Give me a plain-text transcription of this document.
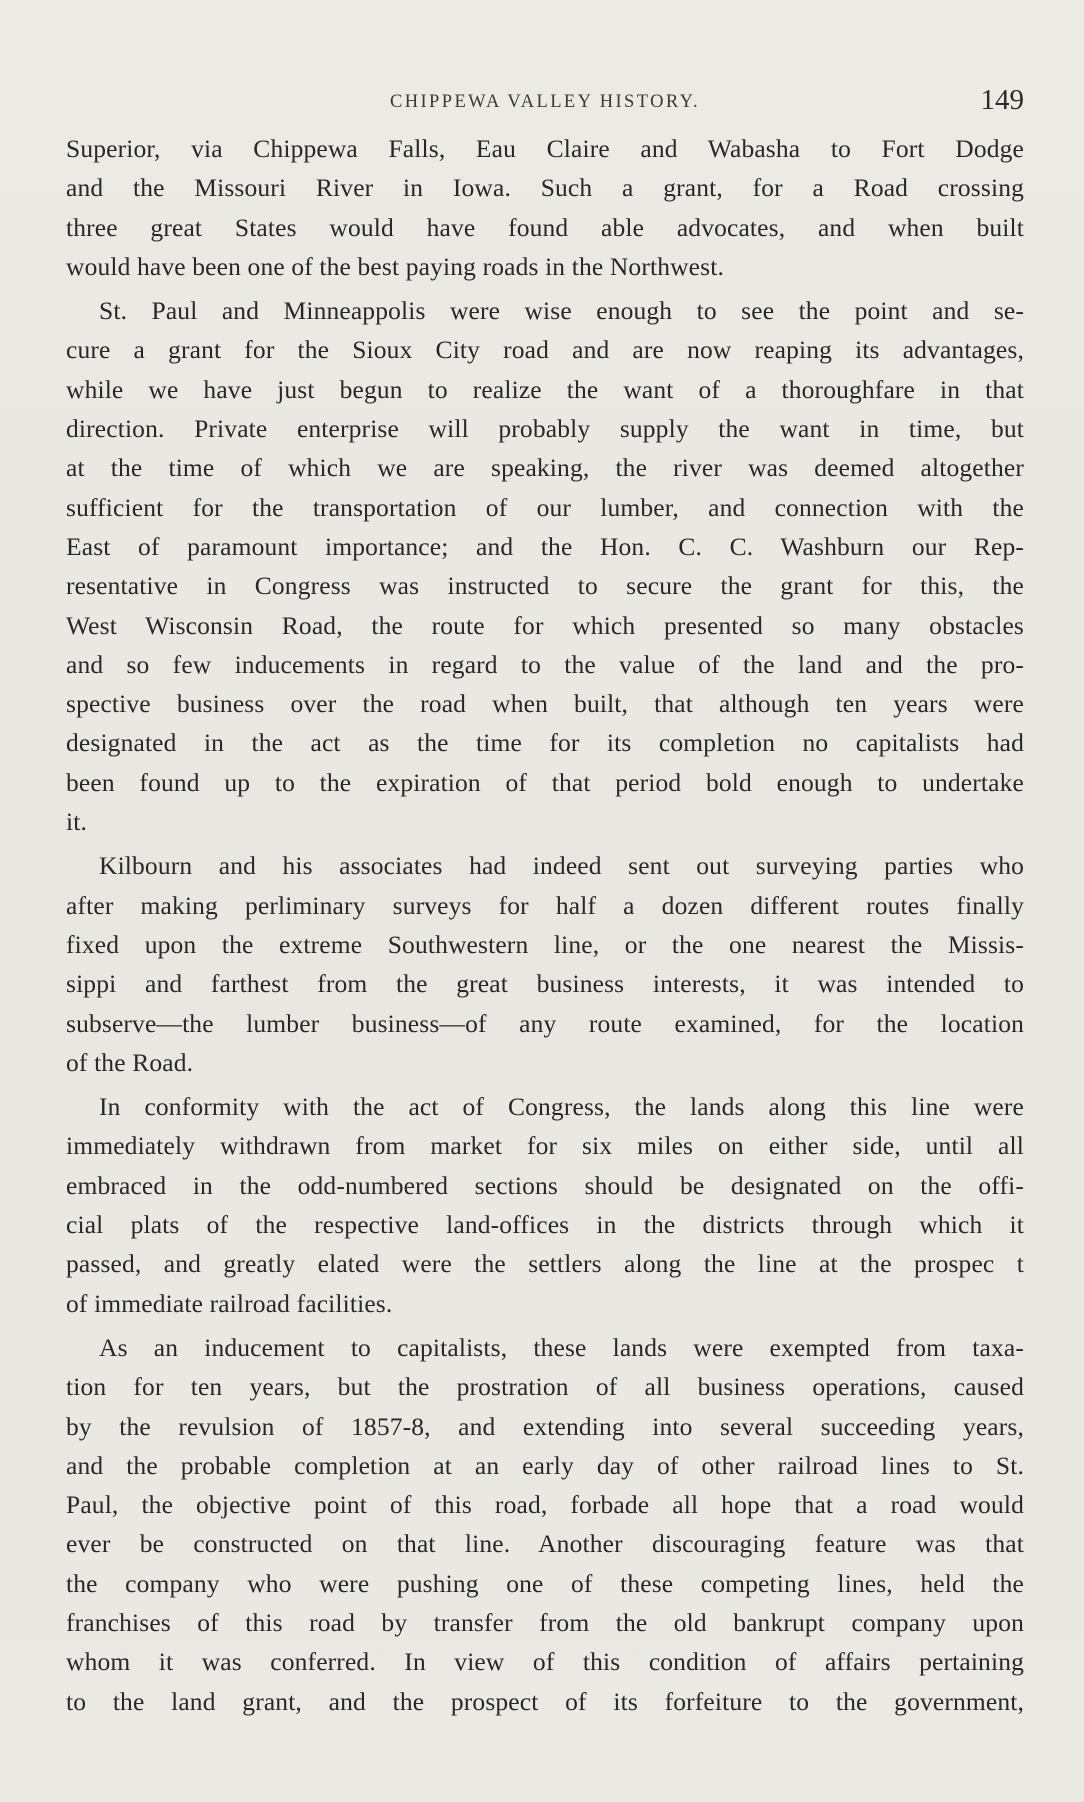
CHIPPEWA VALLEY HISTORY.	149
Superior, via Chippewa Falls, Eau Claire and Wabasha to Fort Dodge
and the Missouri River in Iowa. Such a grant, for a Road crossing
three great States would have found able advocates, and when built
would have been one of the best paying roads in the Northwest.
St. Paul and Minneappolis were wise enough to see the point and se-
cure a grant for the Sioux City road and are now reaping its advantages,
while we have just begun to realize the want of a thoroughfare in that
direction. Private enterprise will probably supply the want in time, but
at the time of which we are speaking, the river was deemed altogether
sufficient for the transportation of our lumber, and connection with the
East of paramount importance; and the Hon. C. C. Washburn our Rep-
resentative in Congress was instructed to secure the grant for this, the
West Wisconsin Road, the route for which presented so many obstacles
and so few inducements in regard to the value of the land and the pro-
spective business over the road when built, that although ten years were
designated in the act as the time for its completion no capitalists had
been found up to the expiration of that period bold enough to undertake
it.
Kilbourn and his associates had indeed sent out surveying parties who
after making perliminary surveys for half a dozen different routes finally
fixed upon the extreme Southwestern line, or the one nearest the Missis-
sippi and farthest from the great business interests, it was intended to
subserve—the lumber business—of any route examined, for the location
of the Road.
In conformity with the act of Congress, the lands along this line were
immediately withdrawn from market for six miles on either side, until all
embraced in the odd-numbered sections should be designated on the offi-
cial plats of the respective land-offices in the districts through which it
passed, and greatly elated were the settlers along the line at the prospec t
of immediate railroad facilities.
As an inducement to capitalists, these lands were exempted from taxa-
tion for ten years, but the prostration of all business operations, caused
by the revulsion of 1857-8, and extending into several succeeding years,
and the probable completion at an early day of other railroad lines to St.
Paul, the objective point of this road, forbade all hope that a road would
ever be constructed on that line. Another discouraging feature was that
the company who were pushing one of these competing lines, held the
franchises of this road by transfer from the old bankrupt company upon
whom it was conferred. In view of this condition of affairs pertaining
to the land grant, and the prospect of its forfeiture to the government,
